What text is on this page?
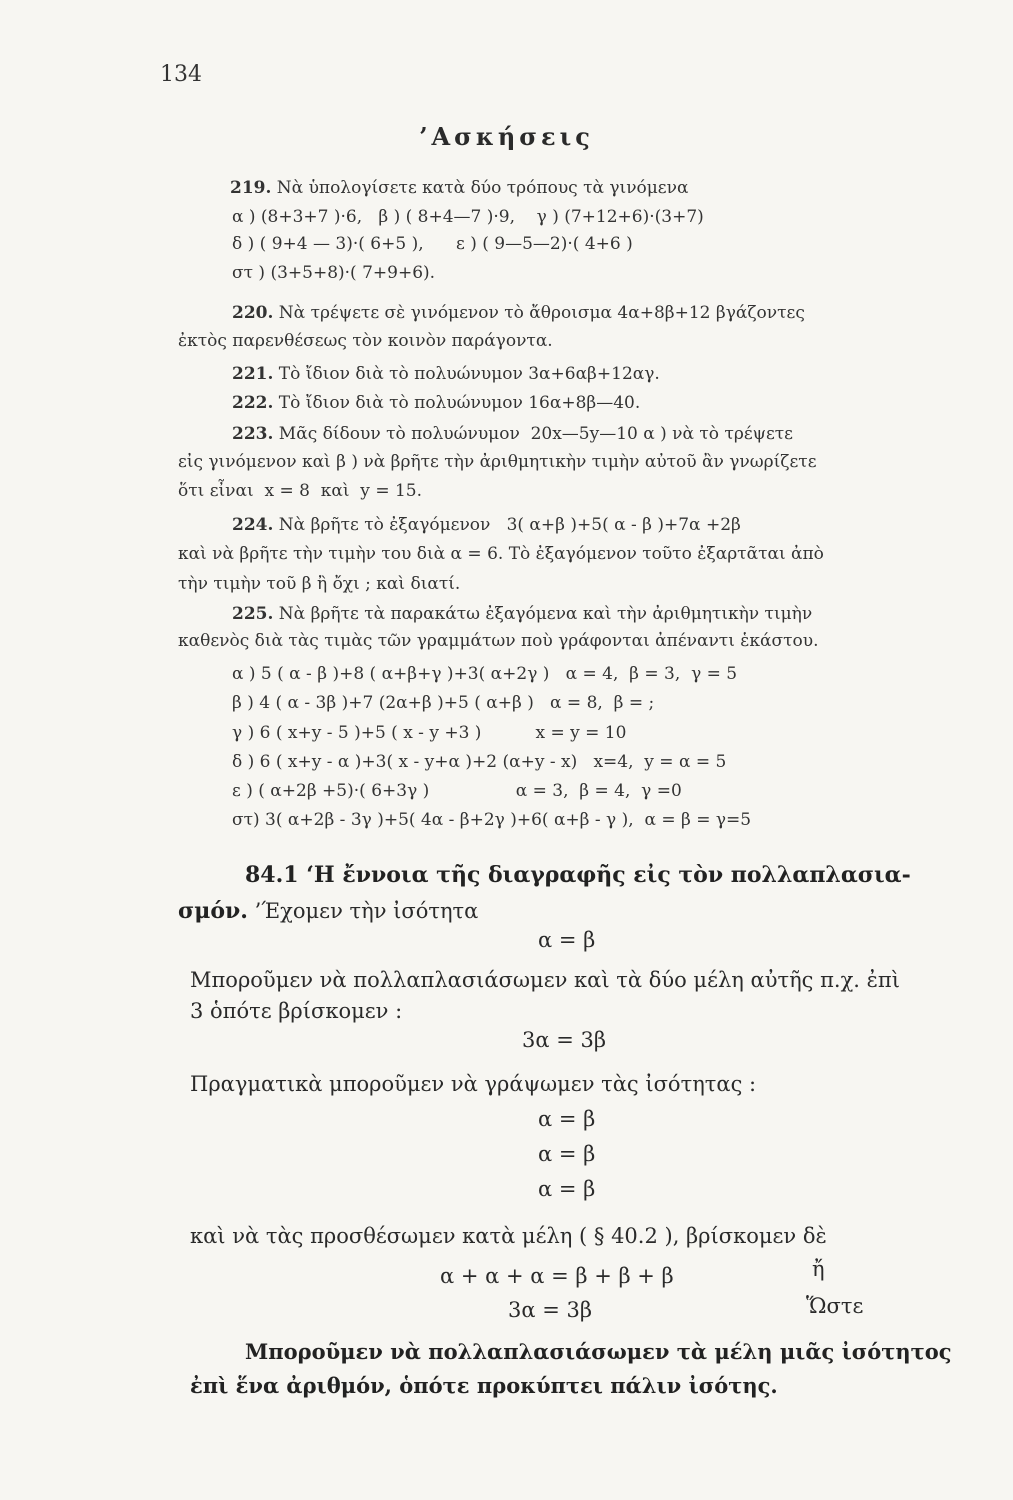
134
’Ασκήσεις
219. Νὰ ὑπολογίσετε κατὰ δύο τρόπους τὰ γινόμενα
α ) (8+3+7 )·6,   β ) ( 8+4—7 )·9,    γ ) (7+12+6)·(3+7)
δ ) ( 9+4 — 3)·( 6+5 ),      ε ) ( 9—5—2)·( 4+6 )
στ ) (3+5+8)·( 7+9+6).
220. Νὰ τρέψετε σὲ γινόμενον τὸ ἄθροισμα 4α+8β+12 βγάζοντες
ἐκτὸς παρενθέσεως τὸν κοινὸν παράγοντα.
221. Τὸ ἴδιον διὰ τὸ πολυώνυμον 3α+6αβ+12αγ.
222. Τὸ ἴδιον διὰ τὸ πολυώνυμον 16α+8β—40.
223. Μᾶς δίδουν τὸ πολυώνυμον  20x—5y—10 α ) νὰ τὸ τρέψετε
εἰς γινόμενον καὶ β ) νὰ βρῆτε τὴν ἀριθμητικὴν τιμὴν αὐτοῦ ἂν γνωρίζετε
ὅτι εἶναι  x = 8  καὶ  y = 15.
224. Νὰ βρῆτε τὸ ἐξαγόμενον   3( α+β )+5( α - β )+7α +2β
καὶ νὰ βρῆτε τὴν τιμὴν του διὰ α = 6. Τὸ ἐξαγόμενον τοῦτο ἐξαρτᾶται ἀπὸ
τὴν τιμὴν τοῦ β ἢ ὄχι ; καὶ διατί.
225. Νὰ βρῆτε τὰ παρακάτω ἐξαγόμενα καὶ τὴν ἀριθμητικὴν τιμὴν
καθενὸς διὰ τὰς τιμὰς τῶν γραμμάτων ποὺ γράφονται ἀπέναντι ἑκάστου.
α ) 5 ( α - β )+8 ( α+β+γ )+3( α+2γ )   α = 4,  β = 3,  γ = 5
β ) 4 ( α - 3β )+7 (2α+β )+5 ( α+β )   α = 8,  β = ;
γ ) 6 ( x+y - 5 )+5 ( x - y +3 )          x = y = 10
δ ) 6 ( x+y - α )+3( x - y+α )+2 (α+y - x)   x=4,  y = α = 5
ε ) ( α+2β +5)·( 6+3γ )                α = 3,  β = 4,  γ =0
στ) 3( α+2β - 3γ )+5( 4α - β+2γ )+6( α+β - γ ),  α = β = γ=5
84.1 ‘Η ἔννοια τῆς διαγραφῆς εἰς τὸν πολλαπλασια-
σμόν. ’Έχομεν τὴν ἰσότητα
α = β
Μποροῦμεν νὰ πολλαπλασιάσωμεν καὶ τὰ δύο μέλη αὐτῆς π.χ. ἐπὶ
3 ὁπότε βρίσκομεν :
3α = 3β
Πραγματικὰ μποροῦμεν νὰ γράψωμεν τὰς ἰσότητας :
α = β
α = β
α = β
καὶ νὰ τὰς προσθέσωμεν κατὰ μέλη ( § 40.2 ), βρίσκομεν δὲ
α + α + α = β + β + β	ἤ
3α = 3β	Ὥστε
Μποροῦμεν νὰ πολλαπλασιάσωμεν τὰ μέλη μιᾶς ἰσότητος
ἐπὶ ἕνα ἀριθμόν, ὁπότε προκύπτει πάλιν ἰσότης.
